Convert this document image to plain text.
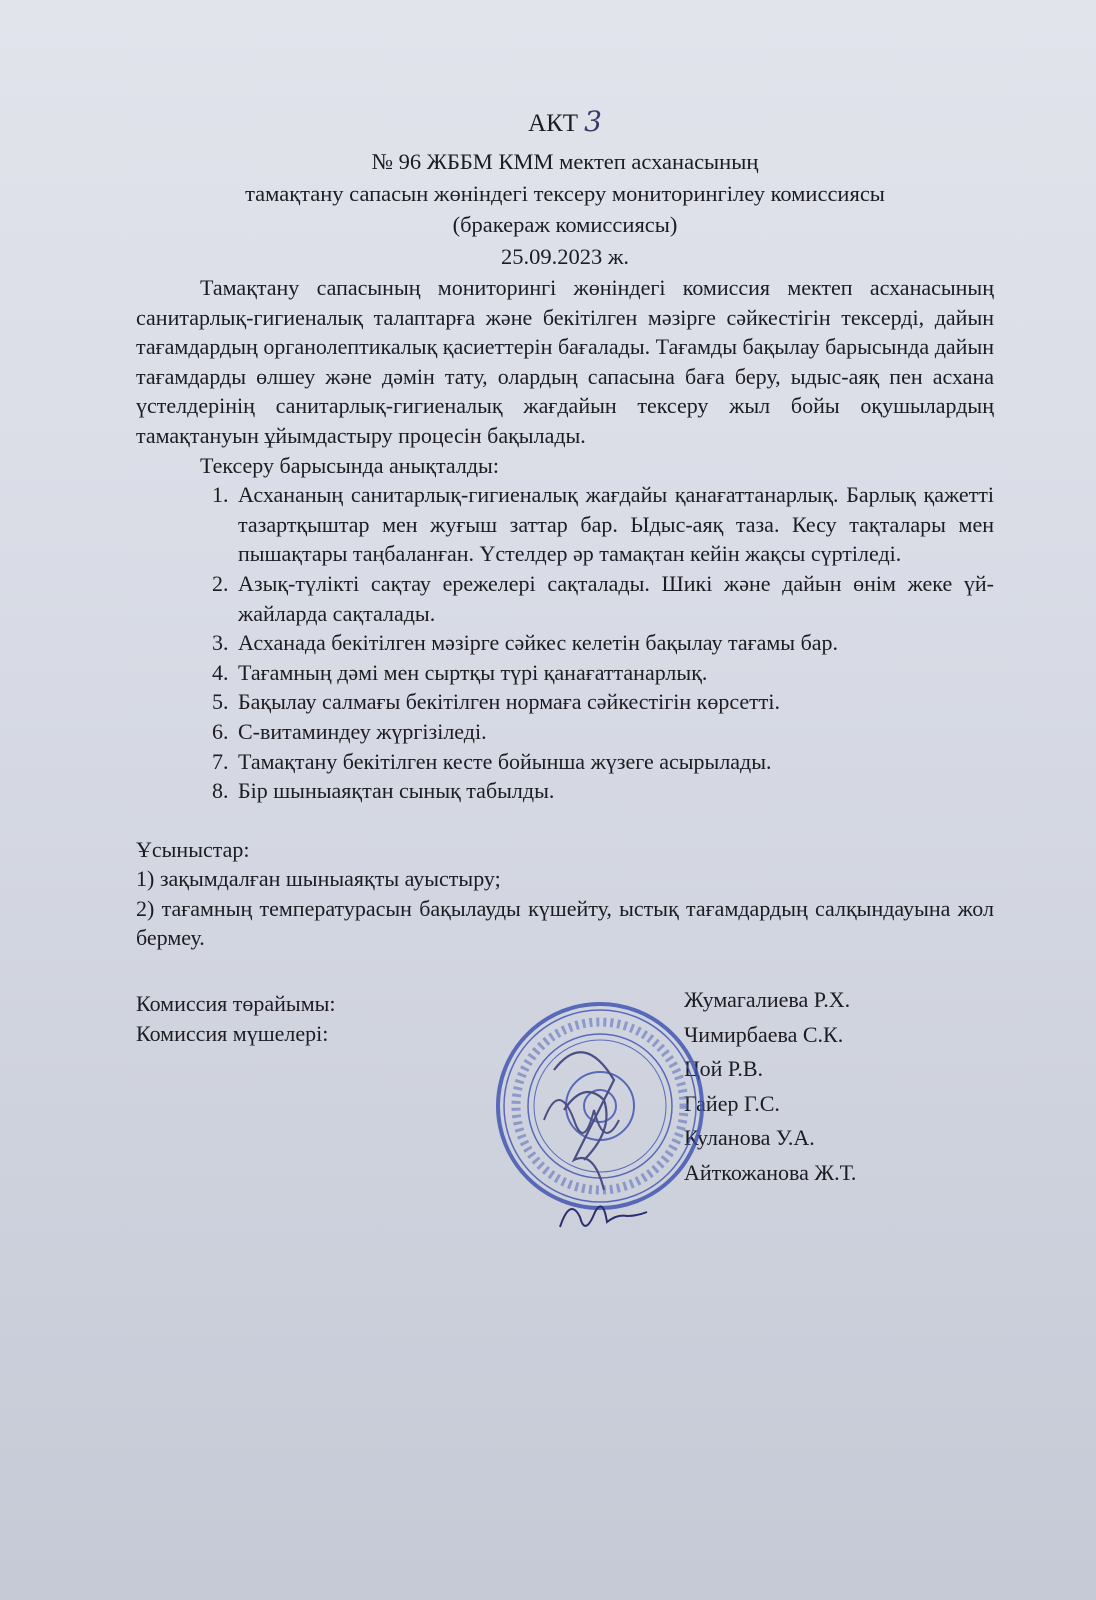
АКТ 3
№ 96 ЖББМ КММ мектеп асханасының
тамақтану сапасын жөніндегі тексеру мониторингілеу комиссиясы
(бракераж комиссиясы)
25.09.2023 ж.

Тамақтану сапасының мониторингі жөніндегі комиссия мектеп асханасының санитарлық-гигиеналық талаптарға және бекітілген мәзірге сәйкестігін тексерді, дайын тағамдардың органолептикалық қасиеттерін бағалады. Тағамды бақылау барысында дайын тағамдарды өлшеу және дәмін тату, олардың сапасына баға беру, ыдыс-аяқ пен асхана үстелдерінің санитарлық-гигиеналық жағдайын тексеру жыл бойы оқушылардың тамақтануын ұйымдастыру процесін бақылады.

Тексеру барысында анықталды:

1. Асхананың санитарлық-гигиеналық жағдайы қанағаттанарлық. Барлық қажетті тазартқыштар мен жуғыш заттар бар. Ыдыс-аяқ таза. Кесу тақталары мен пышақтары таңбаланған. Үстелдер әр тамақтан кейін жақсы сүртіледі.
2. Азық-түлікті сақтау ережелері сақталады. Шикі және дайын өнім жеке үй-жайларда сақталады.
3. Асханада бекітілген мәзірге сәйкес келетін бақылау тағамы бар.
4. Тағамның дәмі мен сыртқы түрі қанағаттанарлық.
5. Бақылау салмағы бекітілген нормаға сәйкестігін көрсетті.
6. С-витаминдеу жүргізіледі.
7. Тамақтану бекітілген кесте бойынша жүзеге асырылады.
8. Бір шыныаяқтан сынық табылды.

Ұсыныстар:

1) зақымдалған шыныаяқты ауыстыру;

2) тағамның температурасын бақылауды күшейту, ыстық тағамдардың салқындауына жол бермеу.

Комиссия төрайымы:
Комиссия мүшелері:
Жумагалиева Р.Х.
Чимирбаева С.К.
Цой Р.В.
Гайер Г.С.
Куланова У.А.
Айткожанова Ж.Т.
